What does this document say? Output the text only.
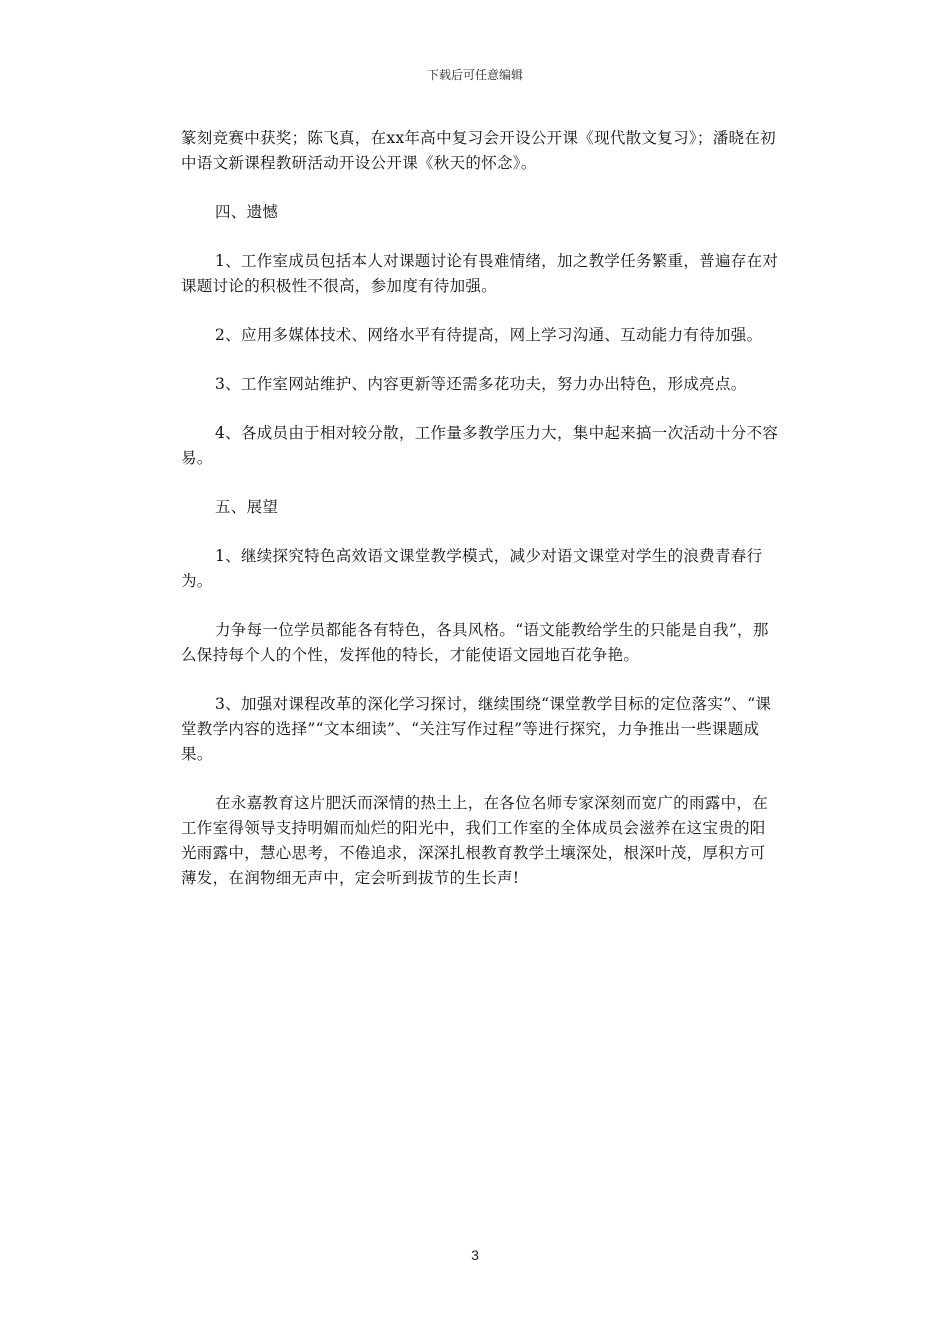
下载后可任意编辑

篆刻竞赛中获奖；陈飞真，在xx年高中复习会开设公开课《现代散文复习》；潘晓在初中语文新课程教研活动开设公开课《秋天的怀念》。

四、遗憾

1、工作室成员包括本人对课题讨论有畏难情绪，加之教学任务繁重，普遍存在对课题讨论的积极性不很高，参加度有待加强。

2、应用多媒体技术、网络水平有待提高，网上学习沟通、互动能力有待加强。

3、工作室网站维护、内容更新等还需多花功夫，努力办出特色，形成亮点。

4、各成员由于相对较分散，工作量多教学压力大，集中起来搞一次活动十分不容易。

五、展望

1、继续探究特色高效语文课堂教学模式，减少对语文课堂对学生的浪费青春行为。

力争每一位学员都能各有特色，各具风格。“语文能教给学生的只能是自我”，那么保持每个人的个性，发挥他的特长，才能使语文园地百花争艳。

3、加强对课程改革的深化学习探讨，继续围绕“课堂教学目标的定位落实”、“课堂教学内容的选择”“文本细读”、“关注写作过程”等进行探究，力争推出一些课题成果。

在永嘉教育这片肥沃而深情的热土上，在各位名师专家深刻而宽广的雨露中，在工作室得领导支持明媚而灿烂的阳光中，我们工作室的全体成员会滋养在这宝贵的阳光雨露中，慧心思考，不倦追求，深深扎根教育教学土壤深处，根深叶茂，厚积方可薄发，在润物细无声中，定会听到拔节的生长声!

3
